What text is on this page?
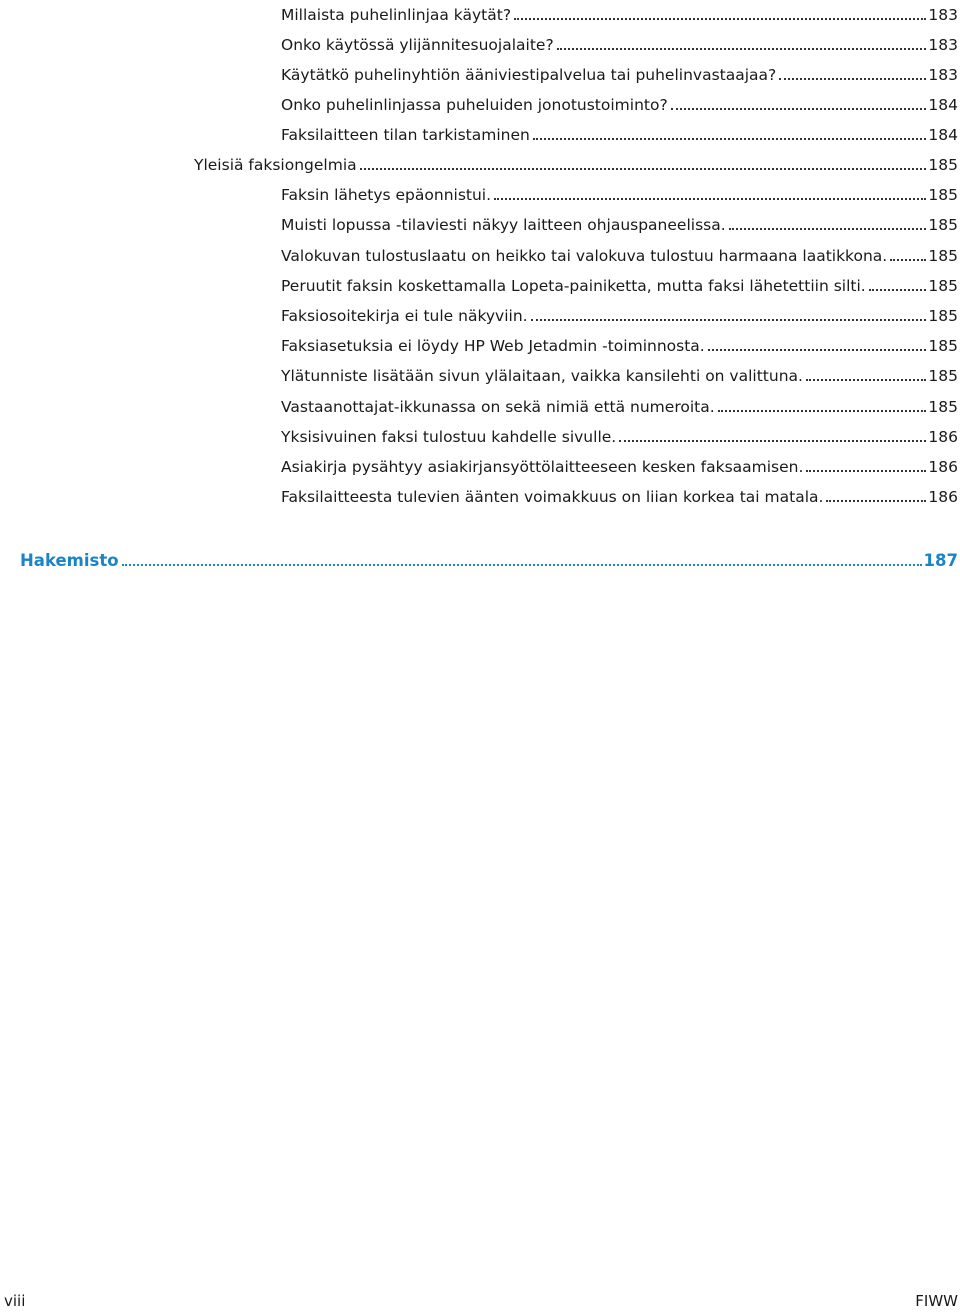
Millaista puhelinlinjaa käytät?	183
Onko käytössä ylijännitesuojalaite?	183
Käytätkö puhelinyhtiön ääniviestipalvelua tai puhelinvastaajaa?	183
Onko puhelinlinjassa puheluiden jonotustoiminto?	184
Faksilaitteen tilan tarkistaminen	184
Yleisiä faksiongelmia	185
Faksin lähetys epäonnistui.	185
Muisti lopussa -tilaviesti näkyy laitteen ohjauspaneelissa.	185
Valokuvan tulostuslaatu on heikko tai valokuva tulostuu harmaana laatikkona.	185
Peruutit faksin koskettamalla Lopeta-painiketta, mutta faksi lähetettiin silti.	185
Faksiosoitekirja ei tule näkyviin.	185
Faksiasetuksia ei löydy HP Web Jetadmin -toiminnosta.	185
Ylätunniste lisätään sivun ylälaitaan, vaikka kansilehti on valittuna.	185
Vastaanottajat-ikkunassa on sekä nimiä että numeroita.	185
Yksisivuinen faksi tulostuu kahdelle sivulle.	186
Asiakirja pysähtyy asiakirjansyöttölaitteeseen kesken faksaamisen.	186
Faksilaitteesta tulevien äänten voimakkuus on liian korkea tai matala.	186
Hakemisto	187
viii	FIWW
